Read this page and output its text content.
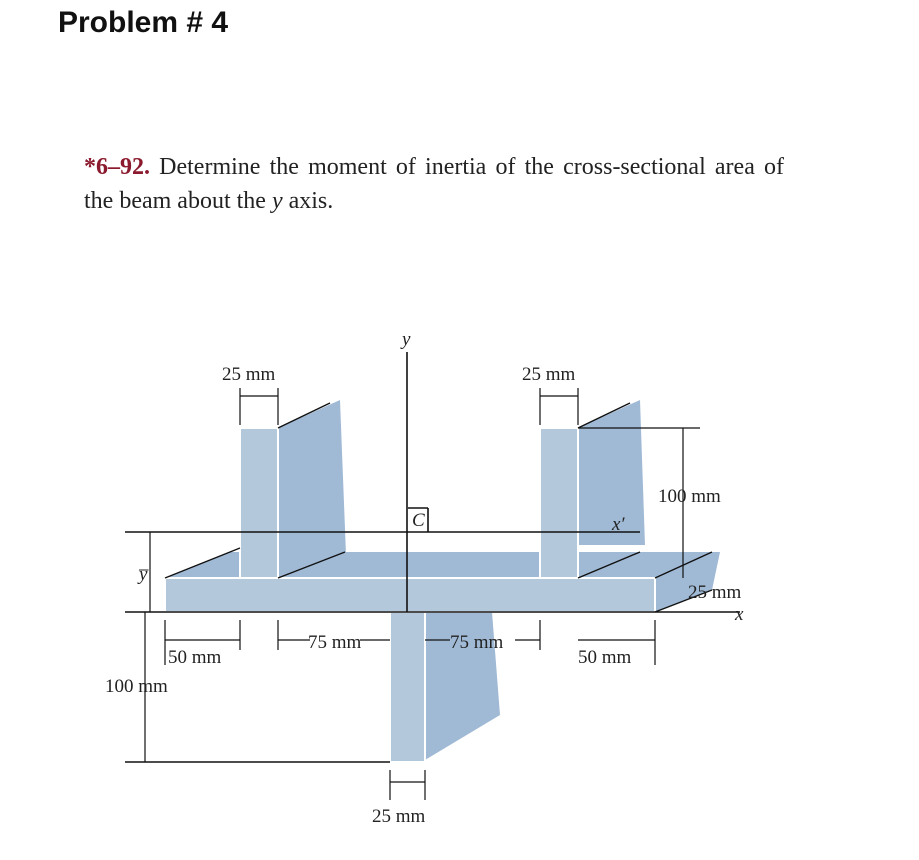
Problem # 4

*6–92. Determine the moment of inertia of the cross-sectional area of the beam about the y axis.

y
x
x′
y̅
C
25 mm	25 mm
100 mm
25 mm
50 mm	50 mm
75 mm	75 mm
100 mm
25 mm
